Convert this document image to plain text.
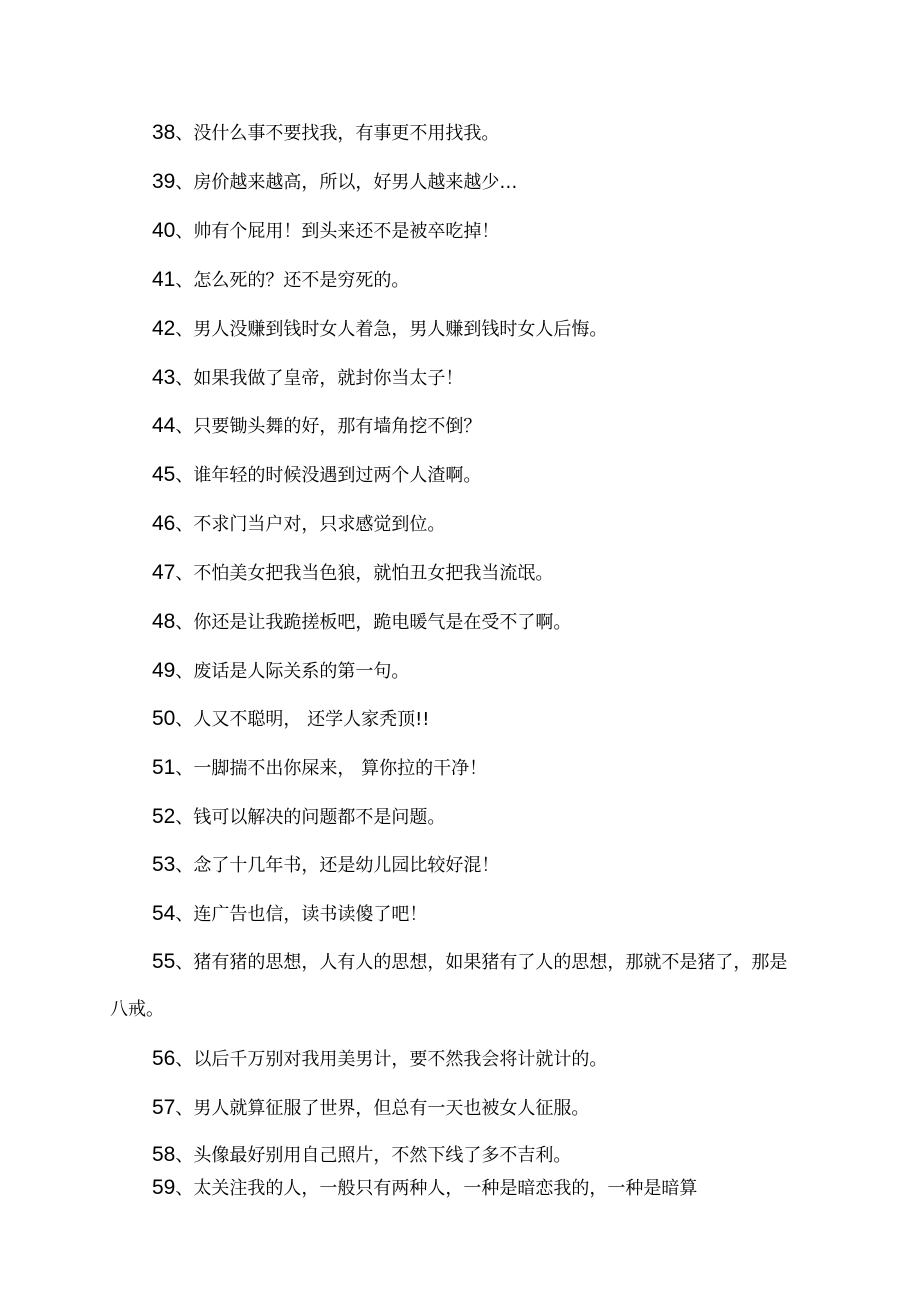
38、没什么事不要找我，有事更不用找我。
39、房价越来越高，所以，好男人越来越少…
40、帅有个屁用！到头来还不是被卒吃掉！
41、怎么死的？还不是穷死的。
42、男人没赚到钱时女人着急，男人赚到钱时女人后悔。
43、如果我做了皇帝，就封你当太子！
44、只要锄头舞的好，那有墙角挖不倒？
45、谁年轻的时候没遇到过两个人渣啊。
46、不求门当户对，只求感觉到位。
47、不怕美女把我当色狼，就怕丑女把我当流氓。
48、你还是让我跪搓板吧，跪电暖气是在受不了啊。
49、废话是人际关系的第一句。
50、人又不聪明， 还学人家秃顶!!
51、一脚揣不出你屎来， 算你拉的干净！
52、钱可以解决的问题都不是问题。
53、念了十几年书，还是幼儿园比较好混！
54、连广告也信，读书读傻了吧！
55、猪有猪的思想，人有人的思想，如果猪有了人的思想，那就不是猪了，那是
八戒。
56、以后千万别对我用美男计，要不然我会将计就计的。
57、男人就算征服了世界，但总有一天也被女人征服。
58、头像最好别用自己照片，不然下线了多不吉利。
59、太关注我的人，一般只有两种人，一种是暗恋我的，一种是暗算
